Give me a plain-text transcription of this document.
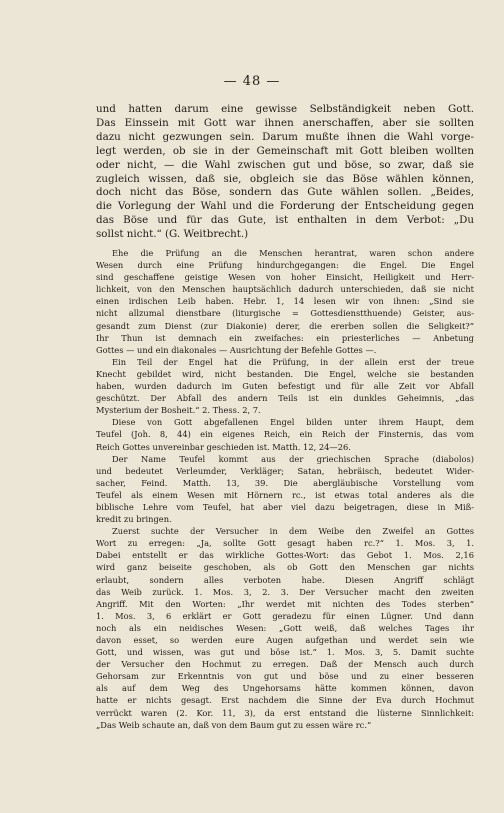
— 48 —
und hatten darum eine gewisse Selbständigkeit neben Gott.
Das Einssein mit Gott war ihnen anerschaffen, aber sie sollten
dazu nicht gezwungen sein. Darum mußte ihnen die Wahl vorge-
legt werden, ob sie in der Gemeinschaft mit Gott bleiben wollten
oder nicht, — die Wahl zwischen gut und böse, so zwar, daß sie
zugleich wissen, daß sie, obgleich sie das Böse wählen können,
doch nicht das Böse, sondern das Gute wählen sollen. „Beides,
die Vorlegung der Wahl und die Forderung der Entscheidung gegen
das Böse und für das Gute, ist enthalten in dem Verbot: „Du
sollst nicht.“ (G. Weitbrecht.)
Ehe die Prüfung an die Menschen herantrat, waren schon andere
Wesen durch eine Prüfung hindurchgegangen: die Engel. Die Engel
sind geschaffene geistige Wesen von hoher Einsicht, Heiligkeit und Herr-
lichkeit, von den Menschen hauptsächlich dadurch unterschieden, daß sie nicht
einen irdischen Leib haben. Hebr. 1, 14 lesen wir von ihnen: „Sind sie
nicht allzumal dienstbare (liturgische = Gottesdienstthuende) Geister, aus-
gesandt zum Dienst (zur Diakonie) derer, die ererben sollen die Seligkeit?“
Ihr Thun ist demnach ein zweifaches: ein priesterliches — Anbetung
Gottes — und ein diakonales — Ausrichtung der Befehle Gottes —.
Ein Teil der Engel hat die Prüfung, in der allein erst der treue
Knecht gebildet wird, nicht bestanden. Die Engel, welche sie bestanden
haben, wurden dadurch im Guten befestigt und für alle Zeit vor Abfall
geschützt. Der Abfall des andern Teils ist ein dunkles Geheimnis, „das
Mysterium der Bosheit.“ 2. Thess. 2, 7.
Diese von Gott abgefallenen Engel bilden unter ihrem Haupt, dem
Teufel (Joh. 8, 44) ein eigenes Reich, ein Reich der Finsternis, das vom
Reich Gottes unvereinbar geschieden ist. Matth. 12, 24—26.
Der Name Teufel kommt aus der griechischen Sprache (diabolos)
und bedeutet Verleumder, Verkläger; Satan, hebräisch, bedeutet Wider-
sacher, Feind. Matth. 13, 39. Die abergläubische Vorstellung vom
Teufel als einem Wesen mit Hörnern rc., ist etwas total anderes als die
biblische Lehre vom Teufel, hat aber viel dazu beigetragen, diese in Miß-
kredit zu bringen.
Zuerst suchte der Versucher in dem Weibe den Zweifel an Gottes
Wort zu erregen: „Ja, sollte Gott gesagt haben rc.?“ 1. Mos. 3, 1.
Dabei entstellt er das wirkliche Gottes-Wort: das Gebot 1. Mos. 2,16
wird ganz beiseite geschoben, als ob Gott den Menschen gar nichts
erlaubt, sondern alles verboten habe. Diesen Angriff schlägt
das Weib zurück. 1. Mos. 3, 2. 3. Der Versucher macht den zweiten
Angriff. Mit den Worten: „Ihr werdet mit nichten des Todes sterben“
1. Mos. 3, 6 erklärt er Gott geradezu für einen Lügner. Und dann
noch als ein neidisches Wesen: „Gott weiß, daß welches Tages ihr
davon esset, so werden eure Augen aufgethan und werdet sein wie
Gott, und wissen, was gut und böse ist.“ 1. Mos. 3, 5. Damit suchte
der Versucher den Hochmut zu erregen. Daß der Mensch auch durch
Gehorsam zur Erkenntnis von gut und böse und zu einer besseren
als auf dem Weg des Ungehorsams hätte kommen können, davon
hatte er nichts gesagt. Erst nachdem die Sinne der Eva durch Hochmut
verrückt waren (2. Kor. 11, 3), da erst entstand die lüsterne Sinnlichkeit:
„Das Weib schaute an, daß von dem Baum gut zu essen wäre rc.“
